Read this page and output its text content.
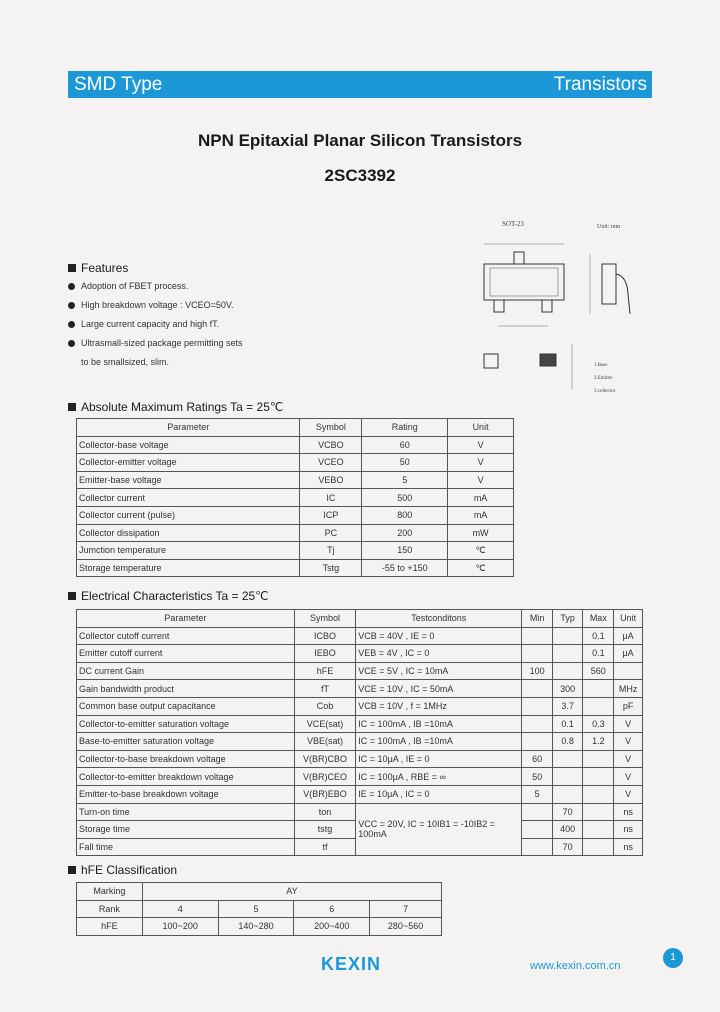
SMD Type	Transistors
NPN Epitaxial Planar Silicon Transistors
2SC3392
Features
Adoption of FBET process.
High breakdown voltage : VCEO=50V.
Large current capacity and high fT.
Ultrasmall-sized package permitting sets
to be smallsized, slim.
SOT-23	Unit: mm
1.Base
2.Emitter
3.collector
Absolute Maximum Ratings Ta = 25℃
Parameter	Symbol	Rating	Unit
Collector-base voltage	VCBO	60	V
Collector-emitter voltage	VCEO	50	V
Emitter-base voltage	VEBO	5	V
Collector current	IC	500	mA
Collector current (pulse)	ICP	800	mA
Collector dissipation	PC	200	mW
Jumction temperature	Tj	150	℃
Storage temperature	Tstg	-55 to +150	℃
Electrical Characteristics Ta = 25℃
Parameter	Symbol	Testconditons	Min	Typ	Max	Unit
Collector cutoff current	ICBO	VCB = 40V , IE = 0			0.1	μA
Emitter cutoff current	IEBO	VEB = 4V , IC = 0			0.1	μA
DC current Gain	hFE	VCE = 5V , IC = 10mA	100		560	
Gain bandwidth product	fT	VCE = 10V , IC = 50mA		300		MHz
Common base output capacitance	Cob	VCB = 10V , f = 1MHz		3.7		pF
Collector-to-emitter saturation voltage	VCE(sat)	IC = 100mA , IB =10mA		0.1	0.3	V
Base-to-emitter saturation voltage	VBE(sat)	IC = 100mA , IB =10mA		0.8	1.2	V
Collector-to-base breakdown voltage	V(BR)CBO	IC = 10μA , IE = 0	60			V
Collector-to-emitter breakdown voltage	V(BR)CEO	IC = 100μA , RBE = ∞	50			V
Emitter-to-base breakdown voltage	V(BR)EBO	IE = 10μA , IC = 0	5			V
Turn-on time	ton	VCC = 20V, IC = 10IB1 = -10IB2 = 100mA		70		ns
Storage time	tstg			400		ns
Fall time	tf			70		ns
hFE Classification
Marking	AY			
Rank	4	5	6	7
hFE	100~200	140~280	200~400	280~560
KEXIN	www.kexin.com.cn
1
